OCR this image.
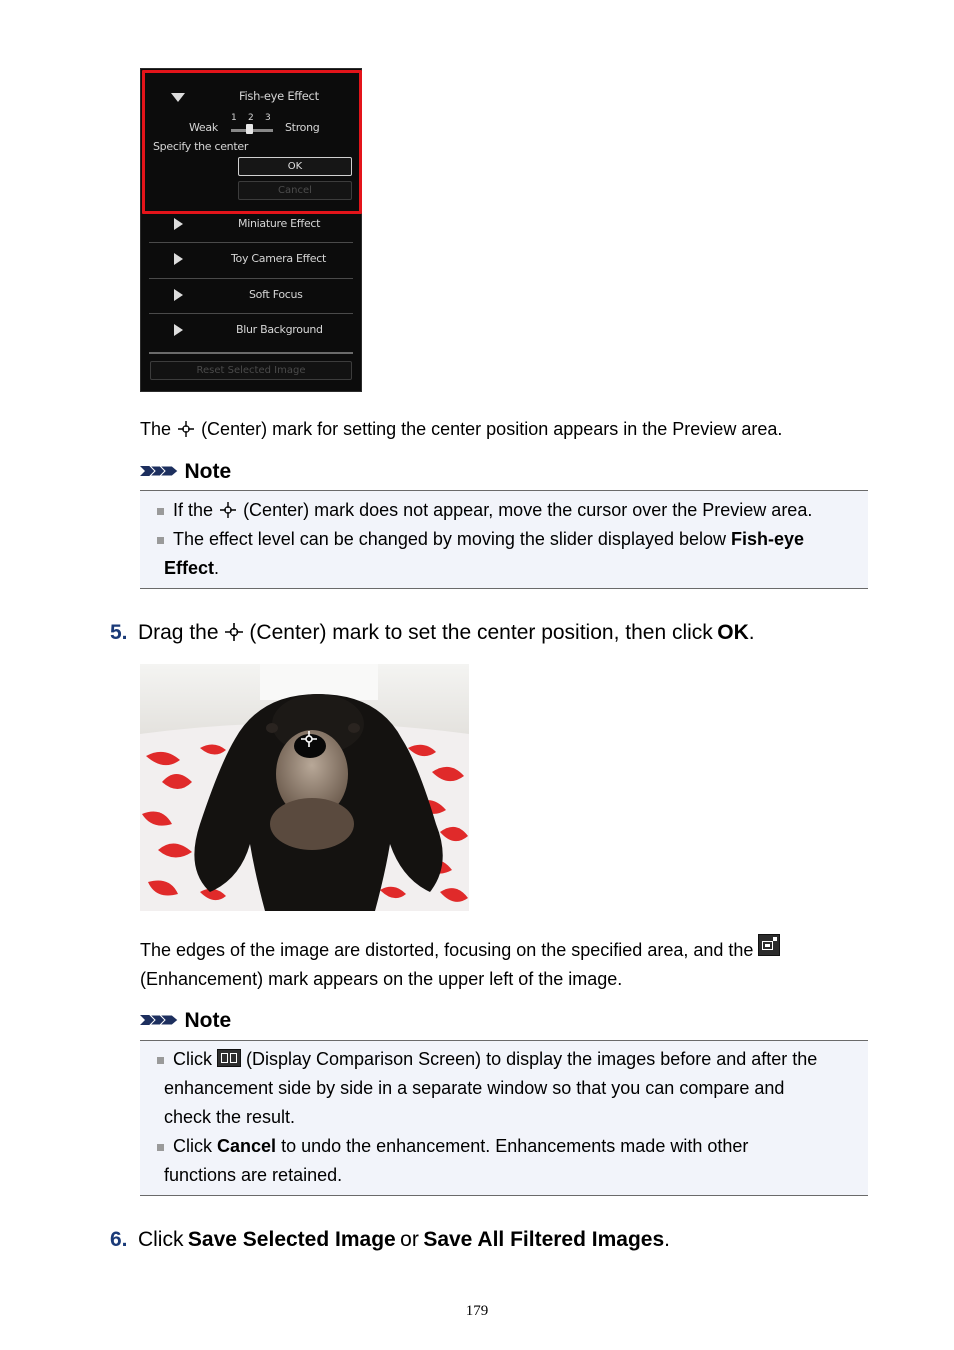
Fish-eye Effect
Weak
1 2 3
Strong
Specify the center
OK
Cancel
Miniature Effect
Toy Camera Effect
Soft Focus
Blur Background
Reset Selected Image
The (Center) mark for setting the center position appears in the Preview area.
Note
If the (Center) mark does not appear, move the cursor over the Preview area.
The effect level can be changed by moving the slider displayed below Fish-eye
Effect.
5. Drag the (Center) mark to set the center position, then click OK.
The edges of the image are distorted, focusing on the specified area, and the
(Enhancement) mark appears on the upper left of the image.
Note
Click (Display Comparison Screen) to display the images before and after the
enhancement side by side in a separate window so that you can compare and
check the result.
Click Cancel to undo the enhancement. Enhancements made with other
functions are retained.
6. Click Save Selected Image or Save All Filtered Images.
179
